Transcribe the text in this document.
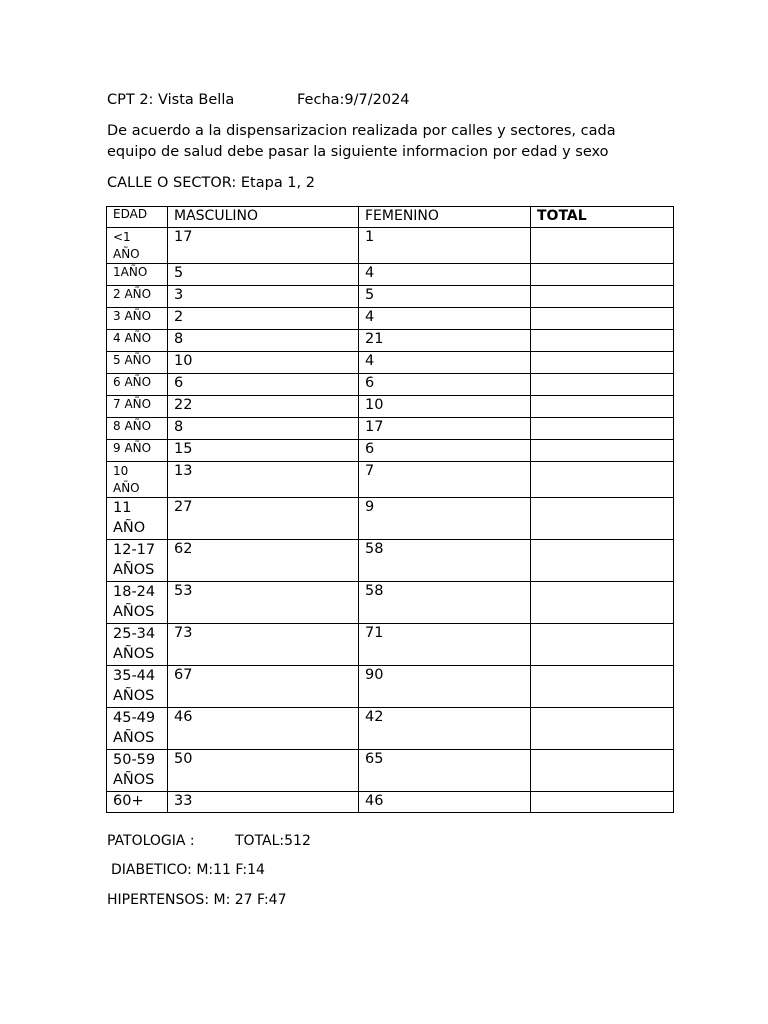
CPT 2: Vista Bella	Fecha:9/7/2024
De acuerdo a la dispensarizacion realizada por calles y sectores, cada
equipo de salud debe pasar la siguiente informacion por edad y sexo
CALLE O SECTOR: Etapa 1, 2
EDAD	MASCULINO	FEMENINO	TOTAL

<1
AÑO	17	1	

1AÑO	5	4	

2 AÑO	3	5	

3 AÑO	2	4	

4 AÑO	8	21	

5 AÑO	10	4	

6 AÑO	6	6	

7 AÑO	22	10	

8 AÑO	8	17	

9 AÑO	15	6	

10
AÑO	13	7	

11
AÑO	27	9	

12-17
AÑOS	62	58	

18-24
AÑOS	53	58	

25-34
AÑOS	73	71	

35-44
AÑOS	67	90	

45-49
AÑOS	46	42	

50-59
AÑOS	50	65	

60+	33	46	
PATOLOGIA :	TOTAL:512
DIABETICO: M:11 F:14
HIPERTENSOS: M: 27 F:47
